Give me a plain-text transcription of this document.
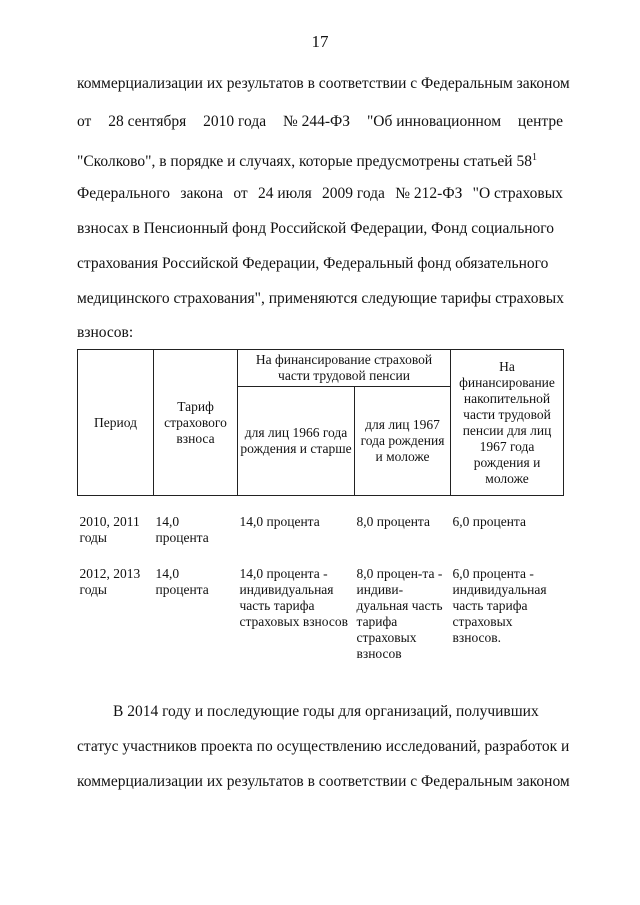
17
коммерциализации их результатов в соответствии с Федеральным законом
от 28 сентября 2010 года № 244-ФЗ "Об инновационном центре
"Сколково", в порядке и случаях, которые предусмотрены статьей $58^1$
Федерального закона от 24 июля 2009 года № 212-ФЗ "О страховых
взносах в Пенсионный фонд Российской Федерации, Фонд социального
страхования Российской Федерации, Федеральный фонд обязательного
медицинского страхования", применяются следующие тарифы страховых
взносов:
Период	Тариф страхового взноса	На финансирование страховой части трудовой пенсии		На финансирование накопительной части трудовой пенсии для лиц 1967 года рождения и моложе
		для лиц 1966 года рождения и старше	для лиц 1967 года рождения и моложе	

2010, 2011 годы	14,0 процента	14,0 процента	8,0 процента	6,0 процента
2012, 2013 годы	14,0 процента	14,0 процента - индивидуальная часть тарифа страховых взносов	8,0 процен-та - индиви-дуальная часть тарифа страховых взносов	6,0 процента - индивидуальная часть тарифа страховых взносов.
В 2014 году и последующие годы для организаций, получивших
статус участников проекта по осуществлению исследований, разработок и
коммерциализации их результатов в соответствии с Федеральным законом
